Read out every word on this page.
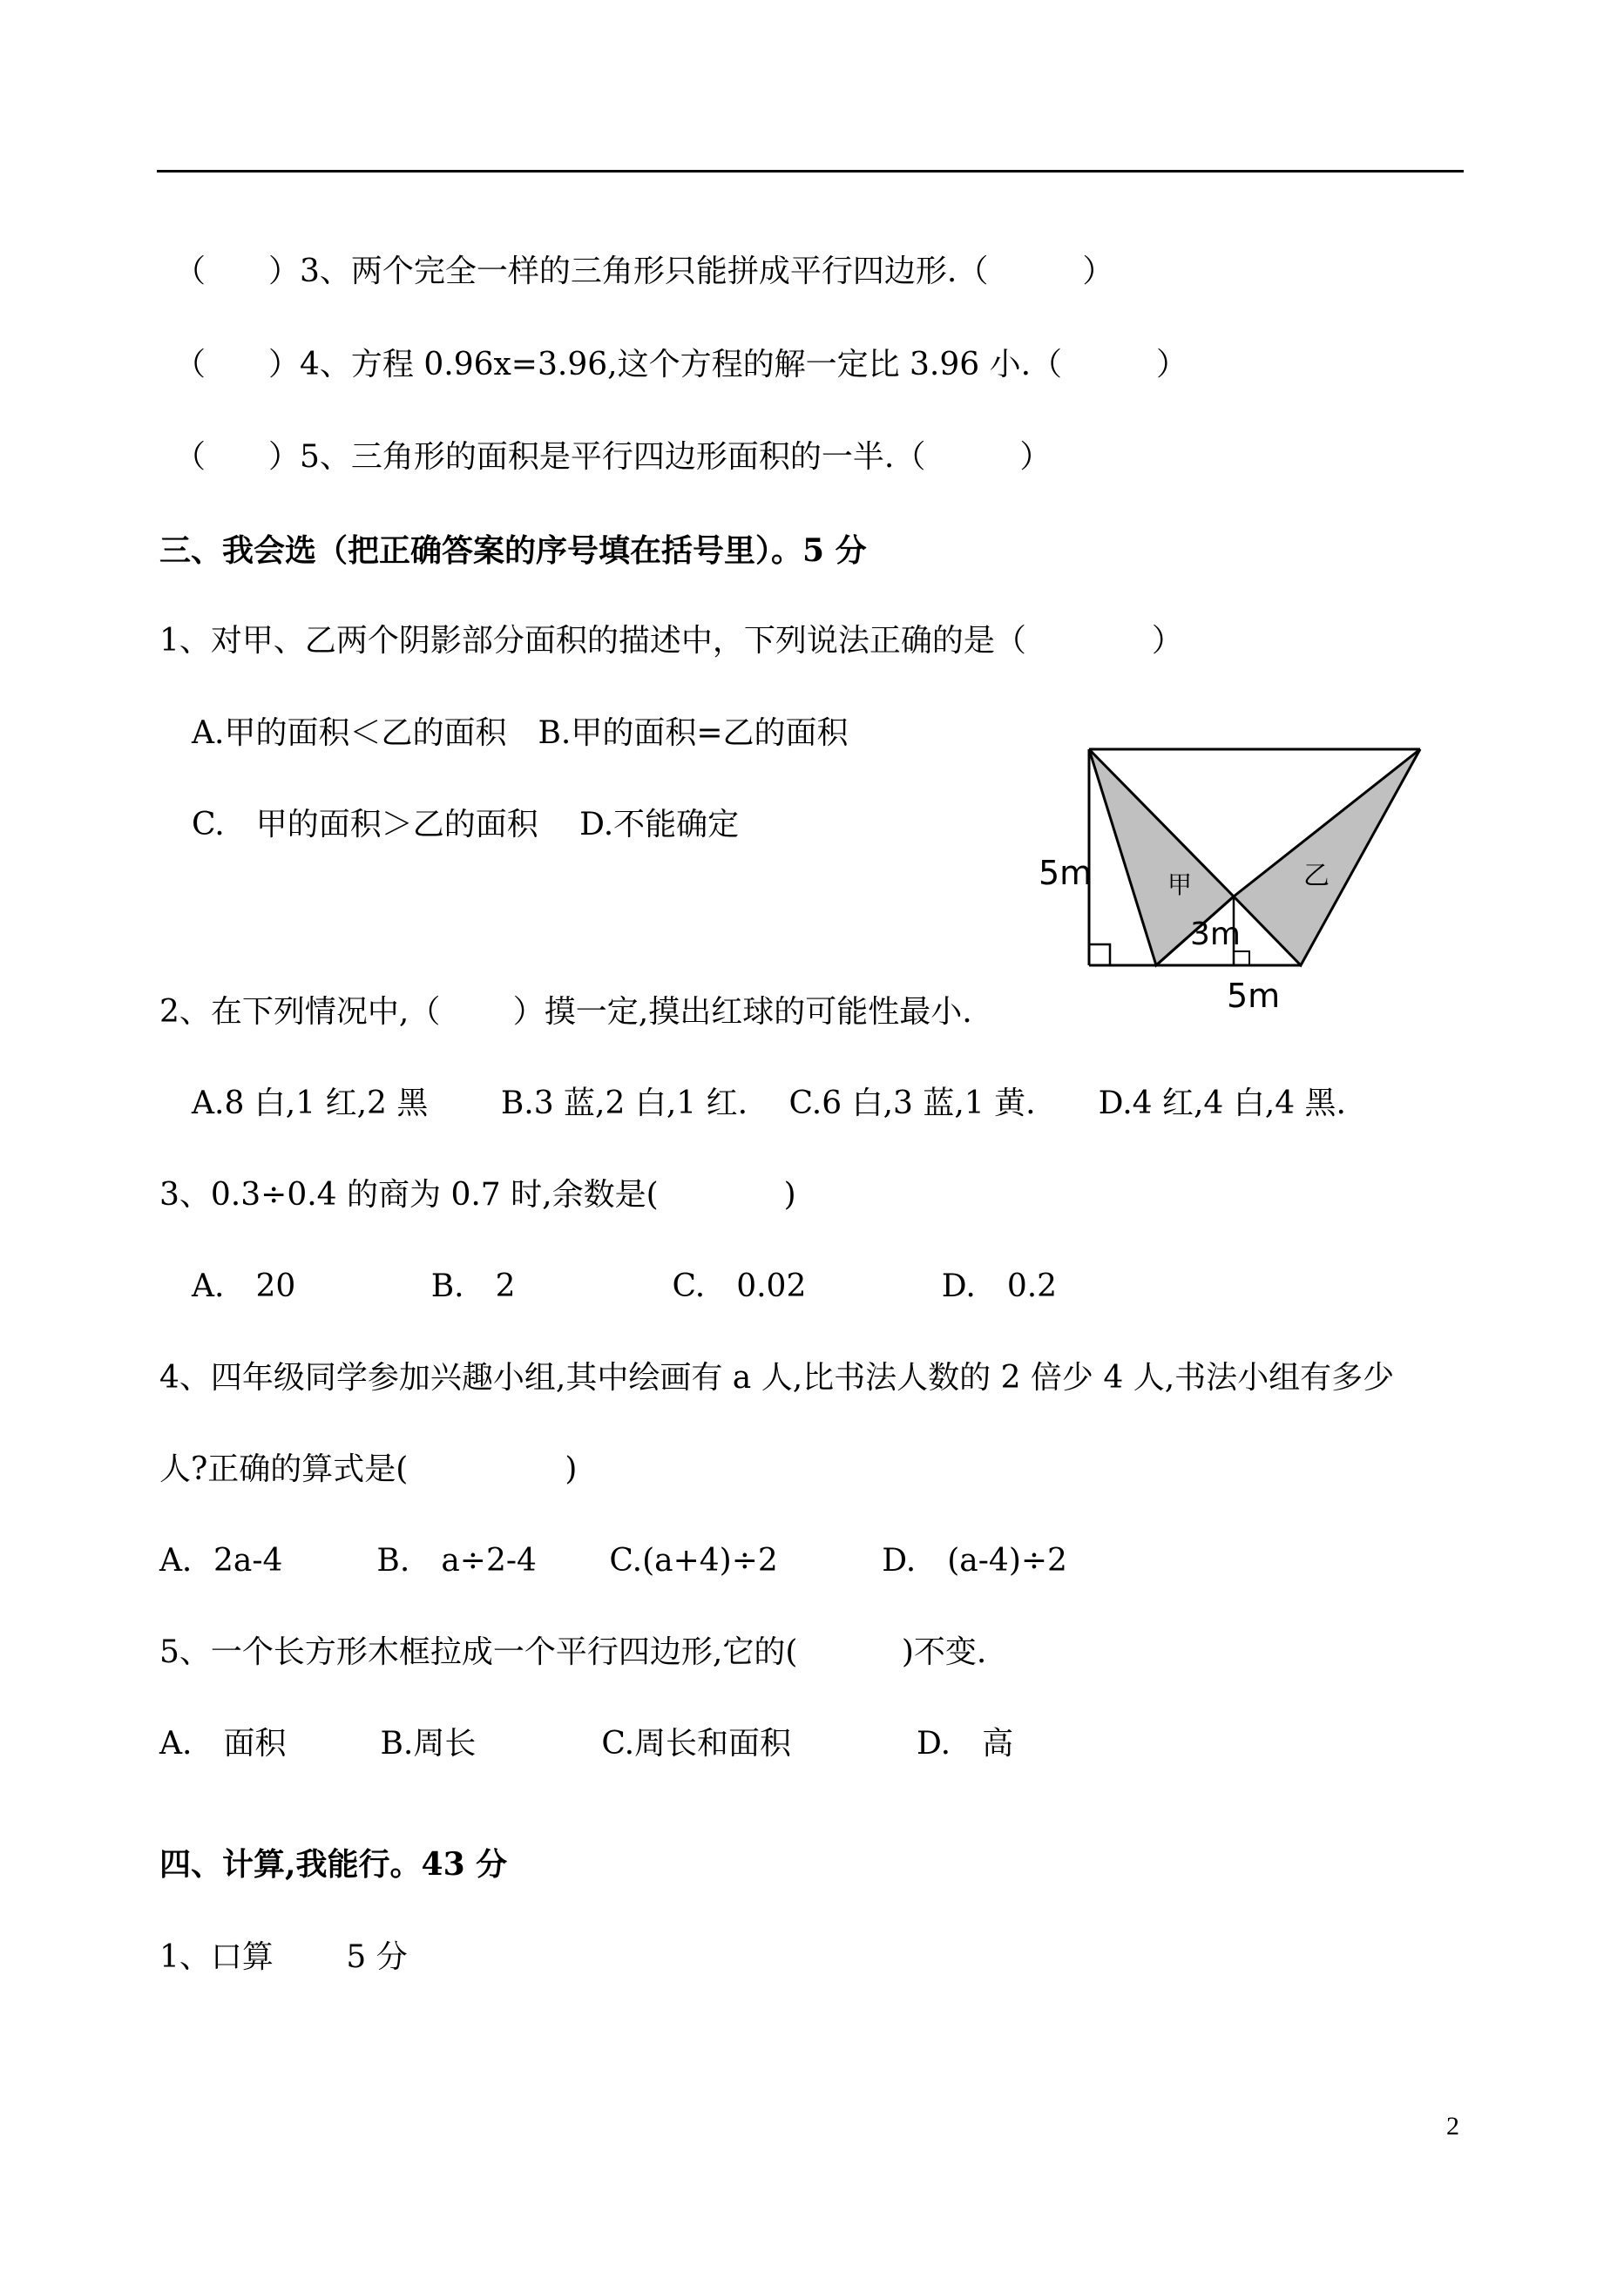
（　　）3、两个完全一样的三角形只能拼成平行四边形.（　　　）
（　　）4、方程 0.96x=3.96,这个方程的解一定比 3.96 小.（　　　）
（　　）5、三角形的面积是平行四边形面积的一半.（　　　）
三、我会选（把正确答案的序号填在括号里）。5 分
1、对甲、乙两个阴影部分面积的描述中，下列说法正确的是（　　　　）
A.甲的面积＜乙的面积　B.甲的面积=乙的面积
C.　甲的面积＞乙的面积　 D.不能确定
5m
3m
5m
甲	乙
2、在下列情况中,（　　 ）摸一定,摸出红球的可能性最小.
A.8 白,1 红,2 黑　　 B.3 蓝,2 白,1 红.　 C.6 白,3 蓝,1 黄.　　D.4 红,4 白,4 黑.
3、0.3÷0.4 的商为 0.7 时,余数是(　　　　)
A.　20　　　　 B.　2　　　　　C.　0.02　　　　 D.　0.2
4、四年级同学参加兴趣小组,其中绘画有 a 人,比书法人数的 2 倍少 4 人,书法小组有多少
人?正确的算式是(　　　　　)
A．2a-4　　　B.　a÷2-4　　 C.(a+4)÷2　　　 D.　(a-4)÷2
5、一个长方形木框拉成一个平行四边形,它的(　　　 )不变.
A.　面积　　　B.周长　　　　C.周长和面积　　　　D.　高
四、计算,我能行。43 分
1、口算　　 5 分
2
